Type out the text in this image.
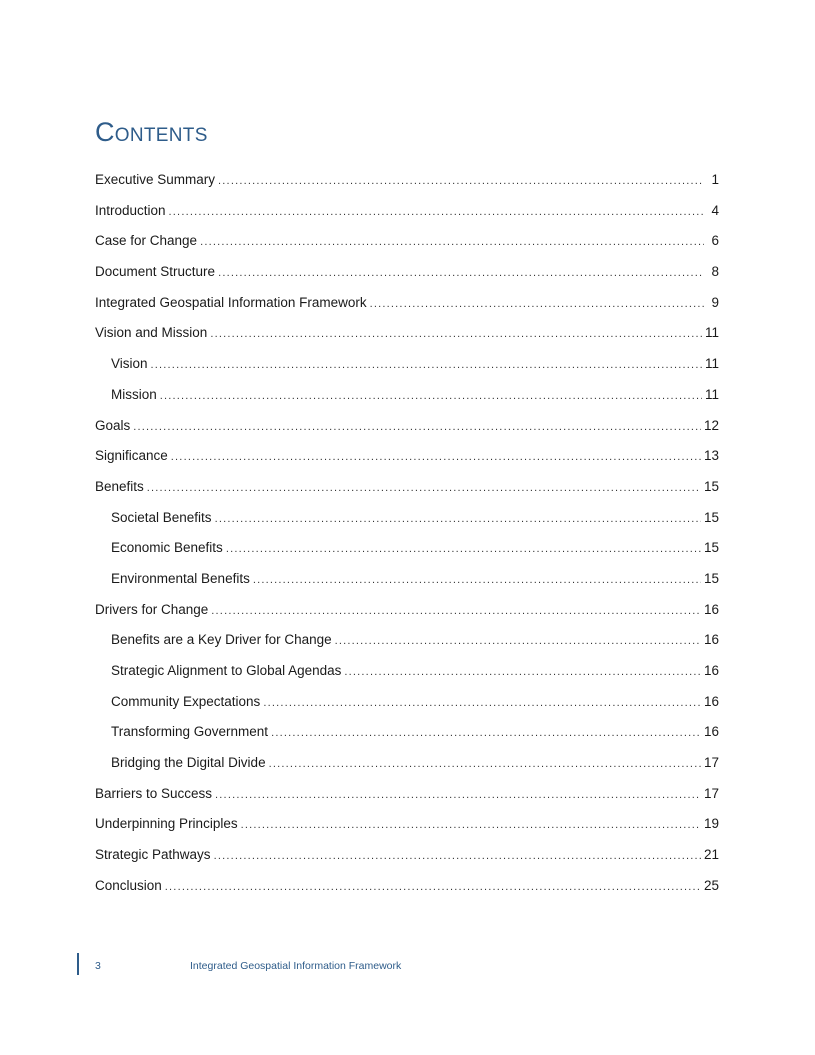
Contents
Executive Summary .....	1
Introduction .....	4
Case for Change .....	6
Document Structure .....	8
Integrated Geospatial Information Framework .....	9
Vision and Mission .....	11
Vision .....	11
Mission .....	11
Goals .....	12
Significance .....	13
Benefits .....	15
Societal Benefits .....	15
Economic Benefits .....	15
Environmental Benefits .....	15
Drivers for Change .....	16
Benefits are a Key Driver for Change .....	16
Strategic Alignment to Global Agendas .....	16
Community Expectations .....	16
Transforming Government .....	16
Bridging the Digital Divide .....	17
Barriers to Success .....	17
Underpinning Principles .....	19
Strategic Pathways .....	21
Conclusion .....	25
3	Integrated Geospatial Information Framework
